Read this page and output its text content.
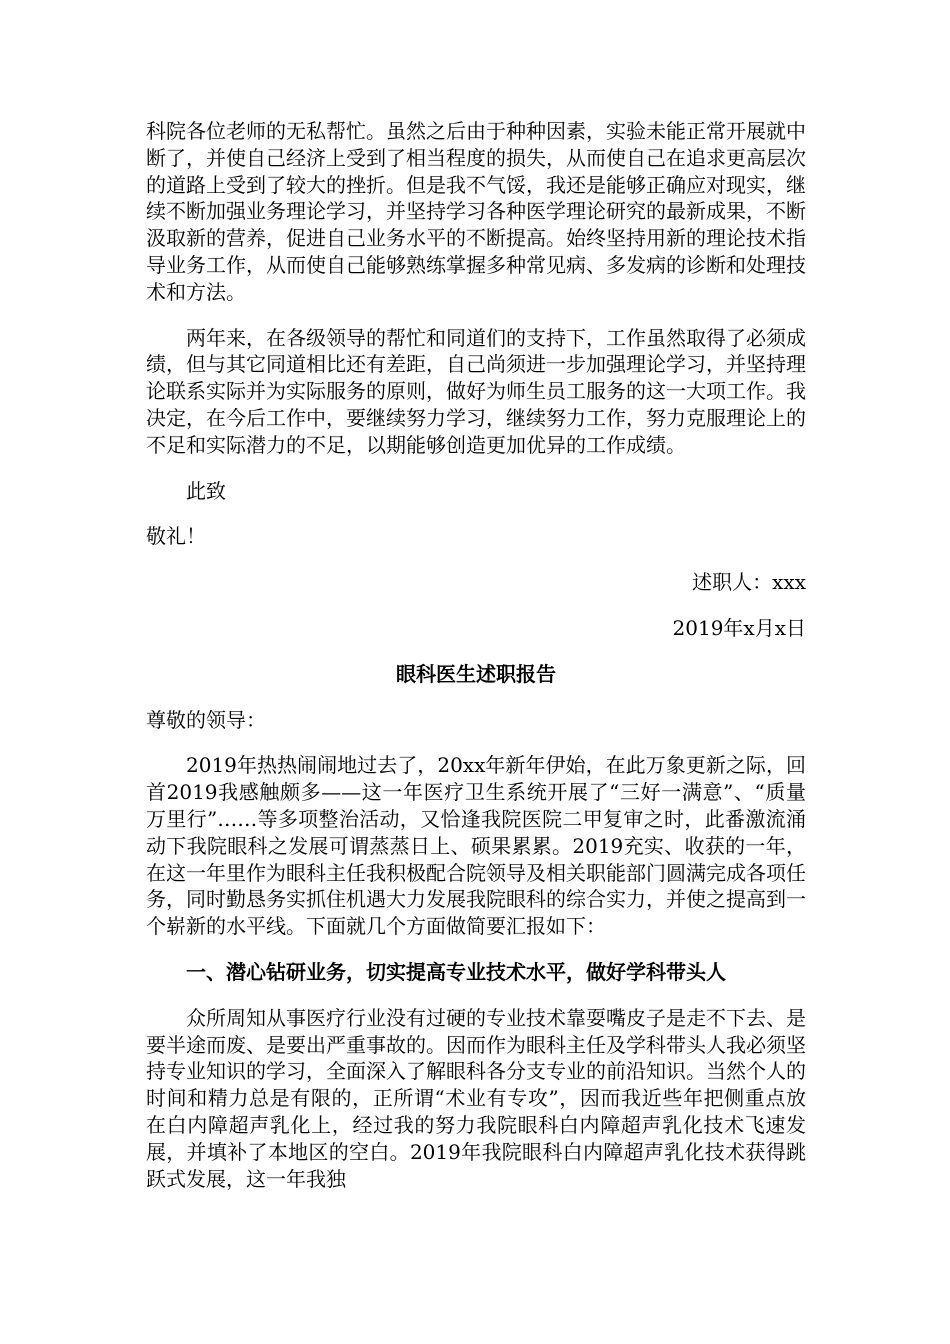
科院各位老师的无私帮忙。虽然之后由于种种因素，实验未能正常开展就中断了，并使自己经济上受到了相当程度的损失，从而使自己在追求更高层次的道路上受到了较大的挫折。但是我不气馁，我还是能够正确应对现实，继续不断加强业务理论学习，并坚持学习各种医学理论研究的最新成果，不断汲取新的营养，促进自己业务水平的不断提高。始终坚持用新的理论技术指导业务工作，从而使自己能够熟练掌握多种常见病、多发病的诊断和处理技术和方法。

两年来，在各级领导的帮忙和同道们的支持下，工作虽然取得了必须成绩，但与其它同道相比还有差距，自己尚须进一步加强理论学习，并坚持理论联系实际并为实际服务的原则，做好为师生员工服务的这一大项工作。我决定，在今后工作中，要继续努力学习，继续努力工作，努力克服理论上的不足和实际潜力的不足，以期能够创造更加优异的工作成绩。

此致

敬礼！

述职人：xxx

2019年x月x日

眼科医生述职报告

尊敬的领导：

2019年热热闹闹地过去了，20xx年新年伊始，在此万象更新之际，回首2019我感触颇多——这一年医疗卫生系统开展了“三好一满意”、“质量万里行”……等多项整治活动，又恰逢我院医院二甲复审之时，此番激流涌动下我院眼科之发展可谓蒸蒸日上、硕果累累。2019充实、收获的一年，在这一年里作为眼科主任我积极配合院领导及相关职能部门圆满完成各项任务，同时勤恳务实抓住机遇大力发展我院眼科的综合实力，并使之提高到一个崭新的水平线。下面就几个方面做简要汇报如下：

一、潜心钻研业务，切实提高专业技术水平，做好学科带头人

众所周知从事医疗行业没有过硬的专业技术靠耍嘴皮子是走不下去、是要半途而废、是要出严重事故的。因而作为眼科主任及学科带头人我必须坚持专业知识的学习，全面深入了解眼科各分支专业的前沿知识。当然个人的时间和精力总是有限的，正所谓“术业有专攻”，因而我近些年把侧重点放在白内障超声乳化上，经过我的努力我院眼科白内障超声乳化技术飞速发展，并填补了本地区的空白。2019年我院眼科白内障超声乳化技术获得跳跃式发展，这一年我独
